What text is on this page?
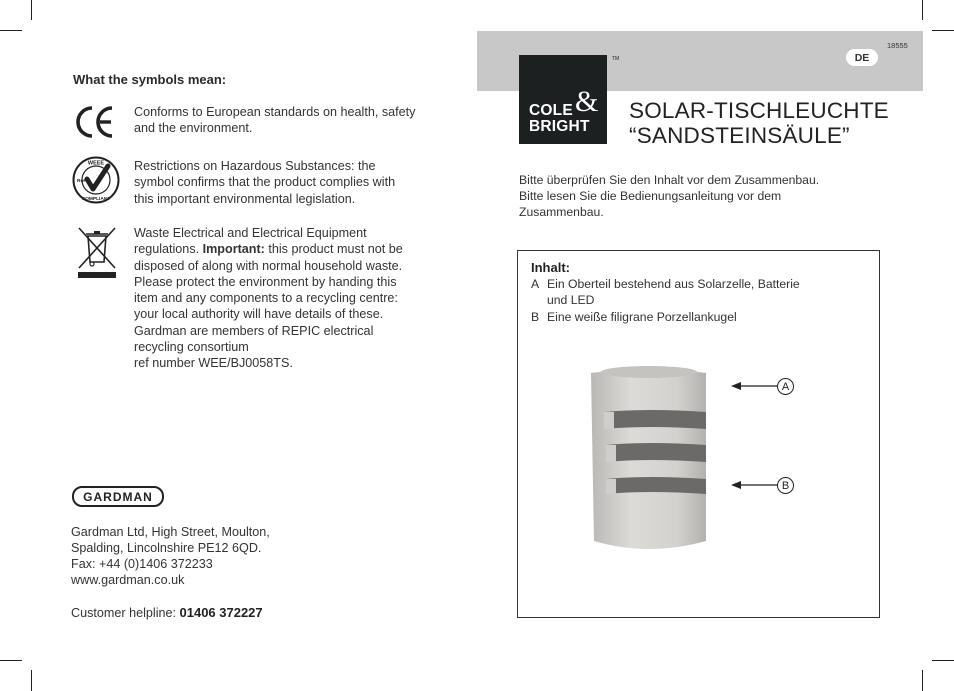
What the symbols mean:
Conforms to European standards on health, safety and the environment.
WEEE
COMPLIANT
RoHS
Restrictions on Hazardous Substances: the symbol confirms that the product complies with this important environmental legislation.
Waste Electrical and Electrical Equipment regulations. Important: this product must not be disposed of along with normal household waste. Please protect the environment by handing this item and any components to a recycling centre: your local authority will have details of these. Gardman are members of REPIC electrical recycling consortium
ref number WEE/BJ0058TS.
GARDMAN
Gardman Ltd, High Street, Moulton,
Spalding, Lincolnshire PE12 6QD.
Fax: +44 (0)1406 372233
www.gardman.co.uk
Customer helpline: 01406 372227
18555
DE
COLE &
BRIGHT
TM
SOLAR-TISCHLEUCHTE
“SANDSTEINSÄULE”
Bitte überprüfen Sie den Inhalt vor dem Zusammenbau.
Bitte lesen Sie die Bedienungsanleitung vor dem
Zusammenbau.
Inhalt:
A Ein Oberteil bestehend aus Solarzelle, Batterie
und LED
B Eine weiße filigrane Porzellankugel
A
B
